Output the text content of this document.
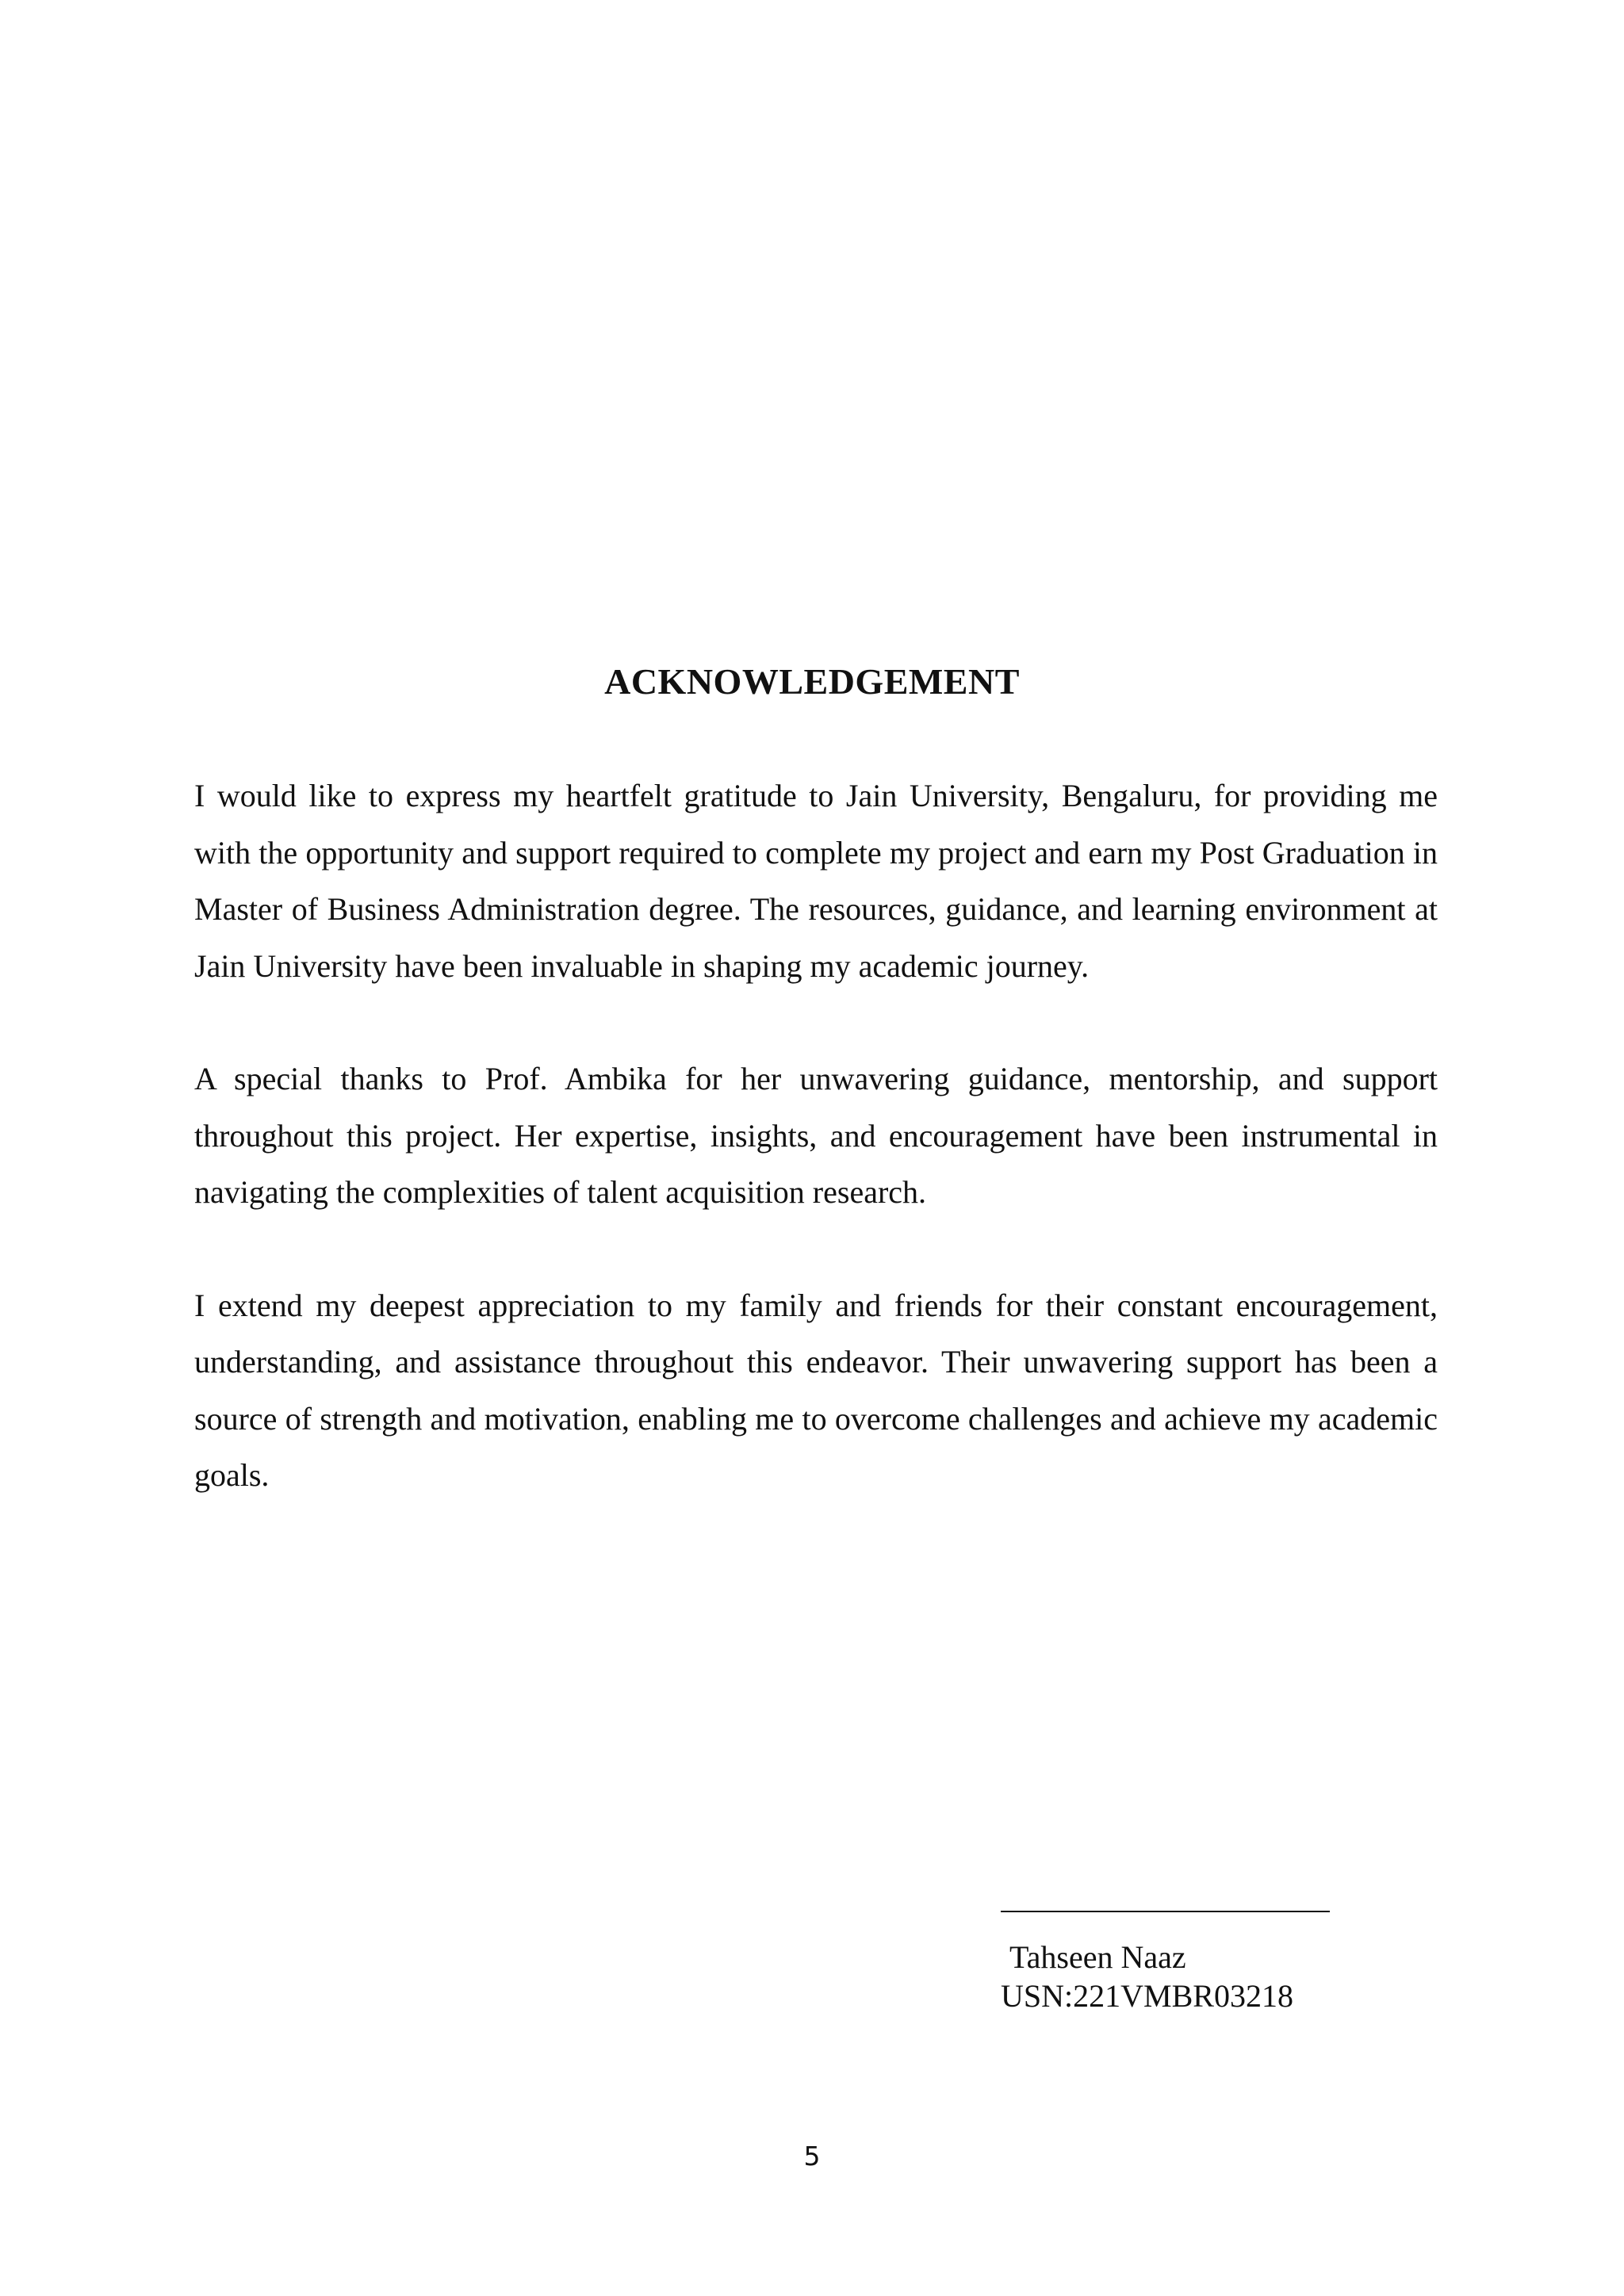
ACKNOWLEDGEMENT

I would like to express my heartfelt gratitude to Jain University, Bengaluru, for providing me with the opportunity and support required to complete my project and earn my Post Graduation in Master of Business Administration degree. The resources, guidance, and learning environment at Jain University have been invaluable in shaping my academic journey.

A special thanks to Prof. Ambika for her unwavering guidance, mentorship, and support throughout this project. Her expertise, insights, and encouragement have been instrumental in navigating the complexities of talent acquisition research.

I extend my deepest appreciation to my family and friends for their constant encouragement, understanding, and assistance throughout this endeavor. Their unwavering support has been a source of strength and motivation, enabling me to overcome challenges and achieve my academic goals.

Tahseen Naaz
USN:221VMBR03218
5
